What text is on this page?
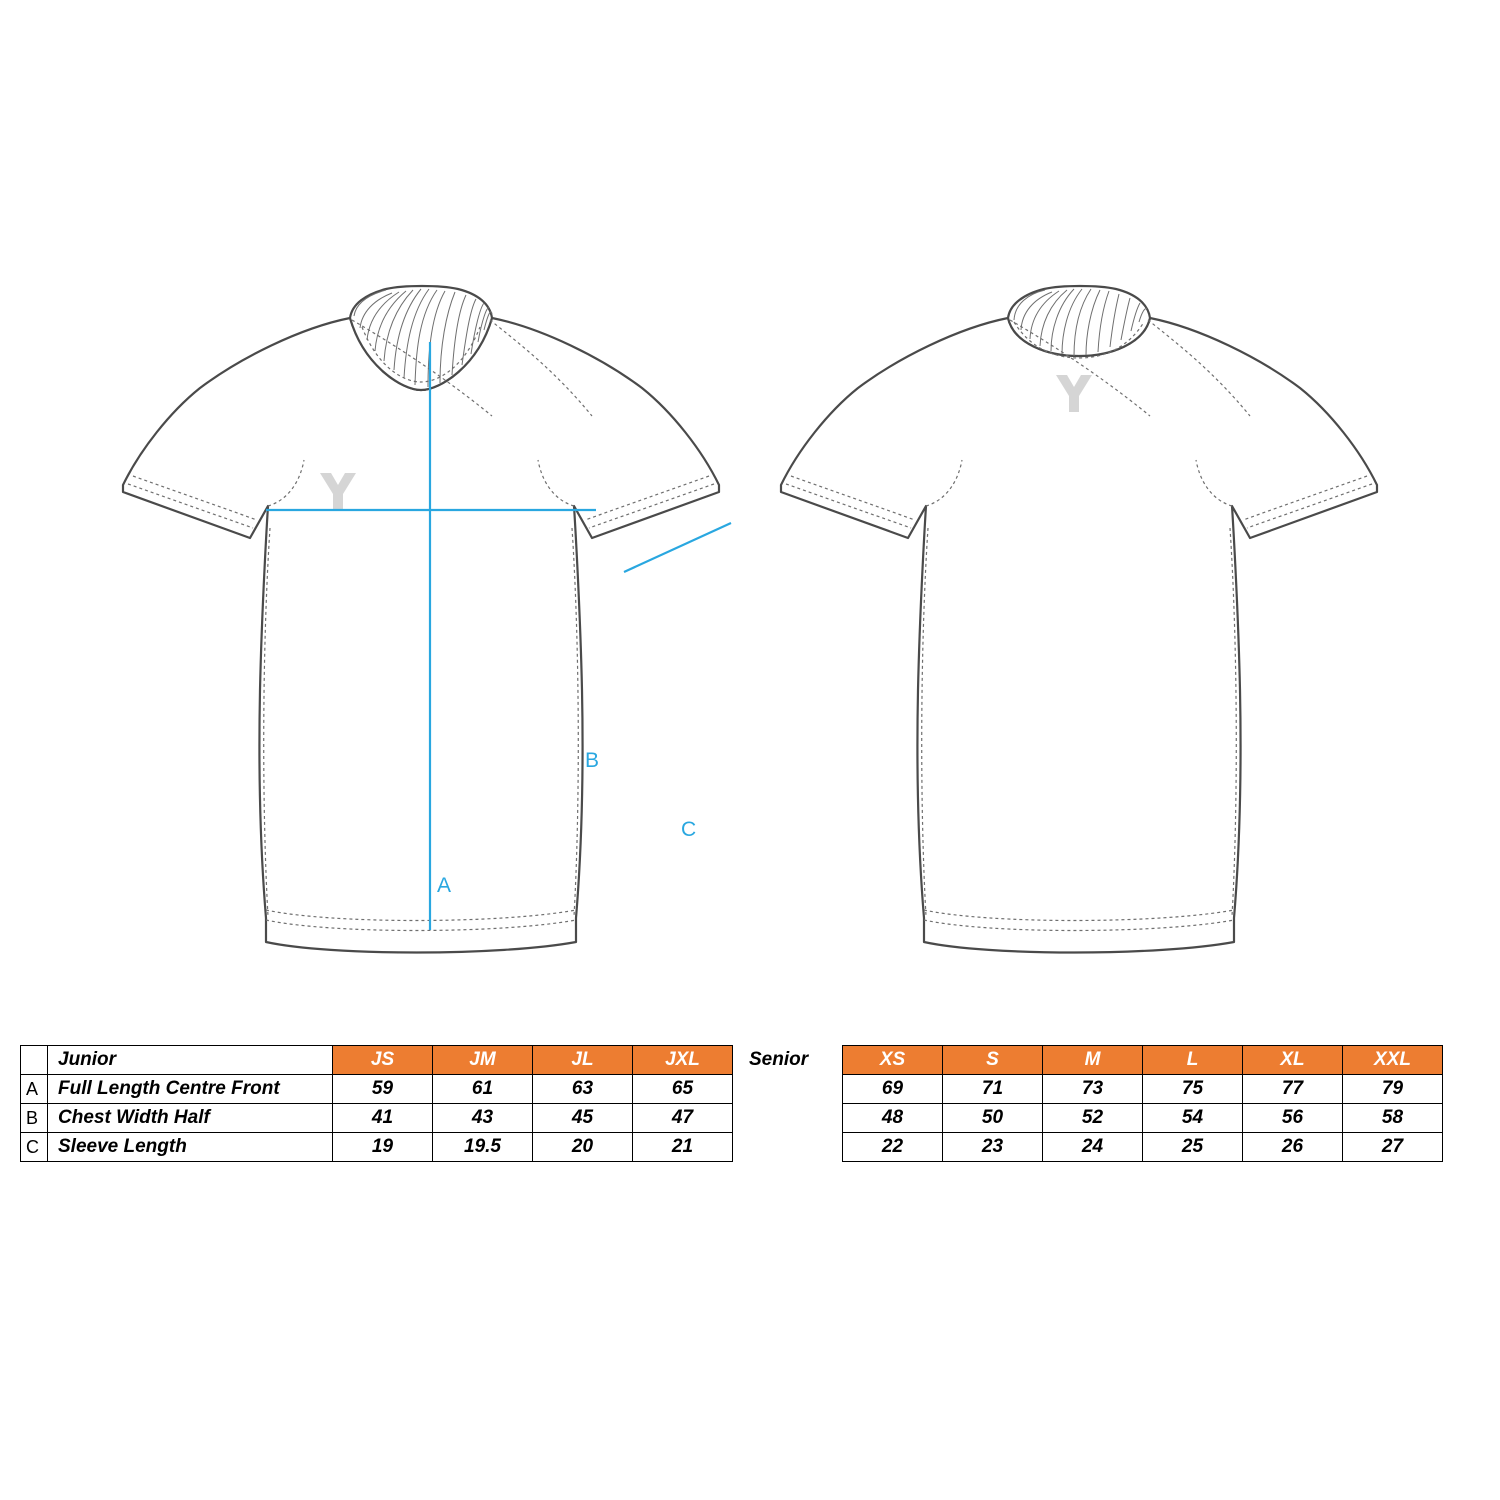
A
B
C
	Junior	JS	JM	JL	JXL	Senior	XS	S	M	L	XL	XXL
A	Full Length Centre Front	59	61	63	65		69	71	73	75	77	79
B	Chest Width Half	41	43	45	47		48	50	52	54	56	58
C	Sleeve Length	19	19.5	20	21		22	23	24	25	26	27
